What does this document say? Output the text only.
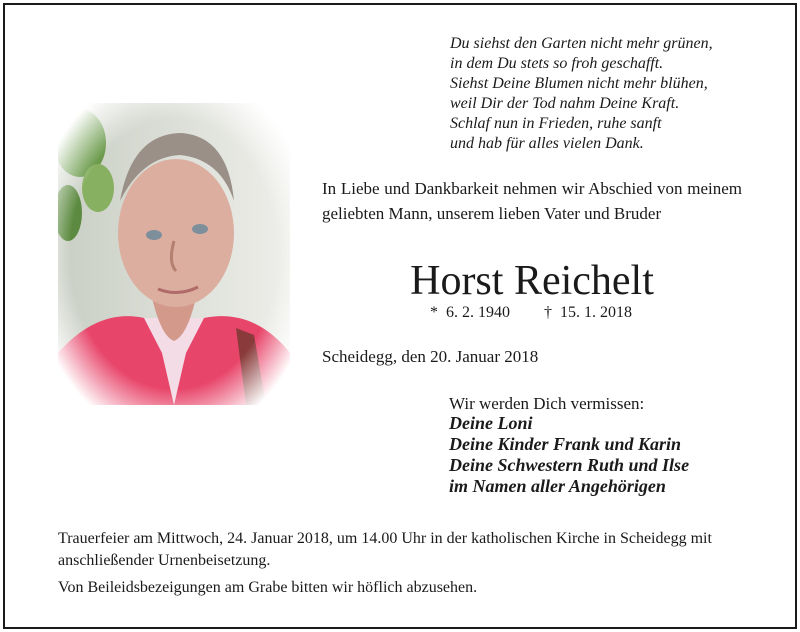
Du siehst den Garten nicht mehr grünen,
in dem Du stets so froh geschafft.
Siehst Deine Blumen nicht mehr blühen,
weil Dir der Tod nahm Deine Kraft.
Schlaf nun in Frieden, ruhe sanft
und hab für alles vielen Dank.
In Liebe und Dankbarkeit nehmen wir Abschied von meinem geliebten Mann, unserem lieben Vater und Bruder
Horst Reichelt
* 6. 2. 1940 † 15. 1. 2018
Scheidegg, den 20. Januar 2018
Wir werden Dich vermissen:
Deine Loni
Deine Kinder Frank und Karin
Deine Schwestern Ruth und Ilse
im Namen aller Angehörigen
Trauerfeier am Mittwoch, 24. Januar 2018, um 14.00 Uhr in der katholischen Kirche in Scheidegg mit anschließender Urnenbeisetzung.
Von Beileidsbezeigungen am Grabe bitten wir höflich abzusehen.
